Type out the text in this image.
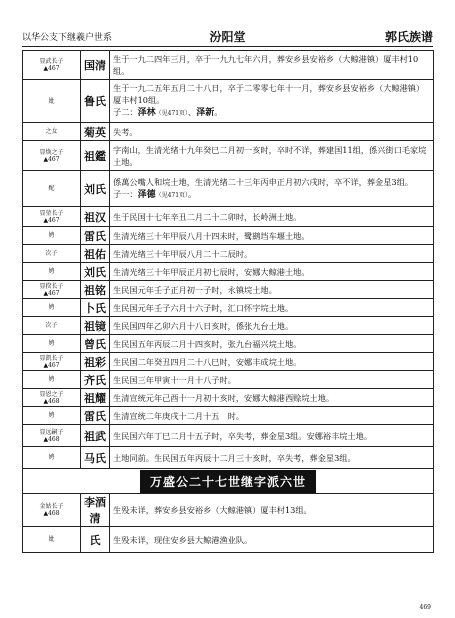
以华公支下继羲户世系	汾阳堂	郭氏族谱
显武长子
▲467	国清	生于一九二四年三月，卒于一九九七年六月，葬安乡县安裕乡（大鲸港镇）厦丰村10组。

妣	鲁氏	生于一九二五年五月二十八日，卒于二零零七年十一月，葬安乡县安裕乡（大鲸港镇）厦丰村10组。
子二：泽林（见471页）、泽新。

之女	菊英	失考。

显焕之子
▲467	祖鑑	字南山，生清光绪十九年癸巳二月初一亥时，卒时不详，葬建国11组，係兴街口毛家垸土地。

配	刘氏	係萬公嘴人和垸土地，生清光绪二十三年丙申正月初六戌时，卒不详，葬金星3组。
子一：泽德（见471页）。

显堃长子
▲467	祖汉	生于民国十七年辛丑二月二十二卯时，长岭洲土地。

娉	雷氏	生清光绪三十年甲辰八月十四未时，鹭鹚垱车堰土地。

次子	祖佑	生清光绪三十年甲辰八月二十二辰时。

娉	刘氏	生清光绪三十年甲辰正月初七辰时，安娜大鲸港土地。

显揆长子
▲467	祖铭	生民国元年壬子正月初一子时，永镇垸土地。

娉	卜氏	生民国元年壬子六月十六子时，汇口怀字垸土地。

次子	祖镜	生民国四年乙卯六月十八日亥时，係张九台土地。

娉	曾氏	生民国五年丙辰二月十四亥时，张九台福兴垸土地。

显凯长子
▲467	祖彩	生民国二年癸丑四月二十八巳时，安娜丰成垸土地。

娉	齐氏	生民国三年甲寅十一月十八子时。

显恩之子
▲468	祖耀	生清宣统元年己酉十一月初十亥时，安娜大鲸港西赊垸土地。

娉	雷氏	生清宣统二年庚戌十二月十五　时。

显远嗣子
▲468	祖武	生民国六年丁巳二月十五子时，卒失考，葬金星3组。安娜裕丰垸土地。

娉	马氏	土地同前。生民国五年丙辰十二月三十亥时，卒失考，葬金星3组。

万盛公二十七世继字派六世		

金姑长子
▲468	李酒清	生殁未详，葬安乡县安裕乡（大鲸港镇）厦丰村13组。

妣	氏	生殁未详，现住安乡县大鲸港渔业队。
469
